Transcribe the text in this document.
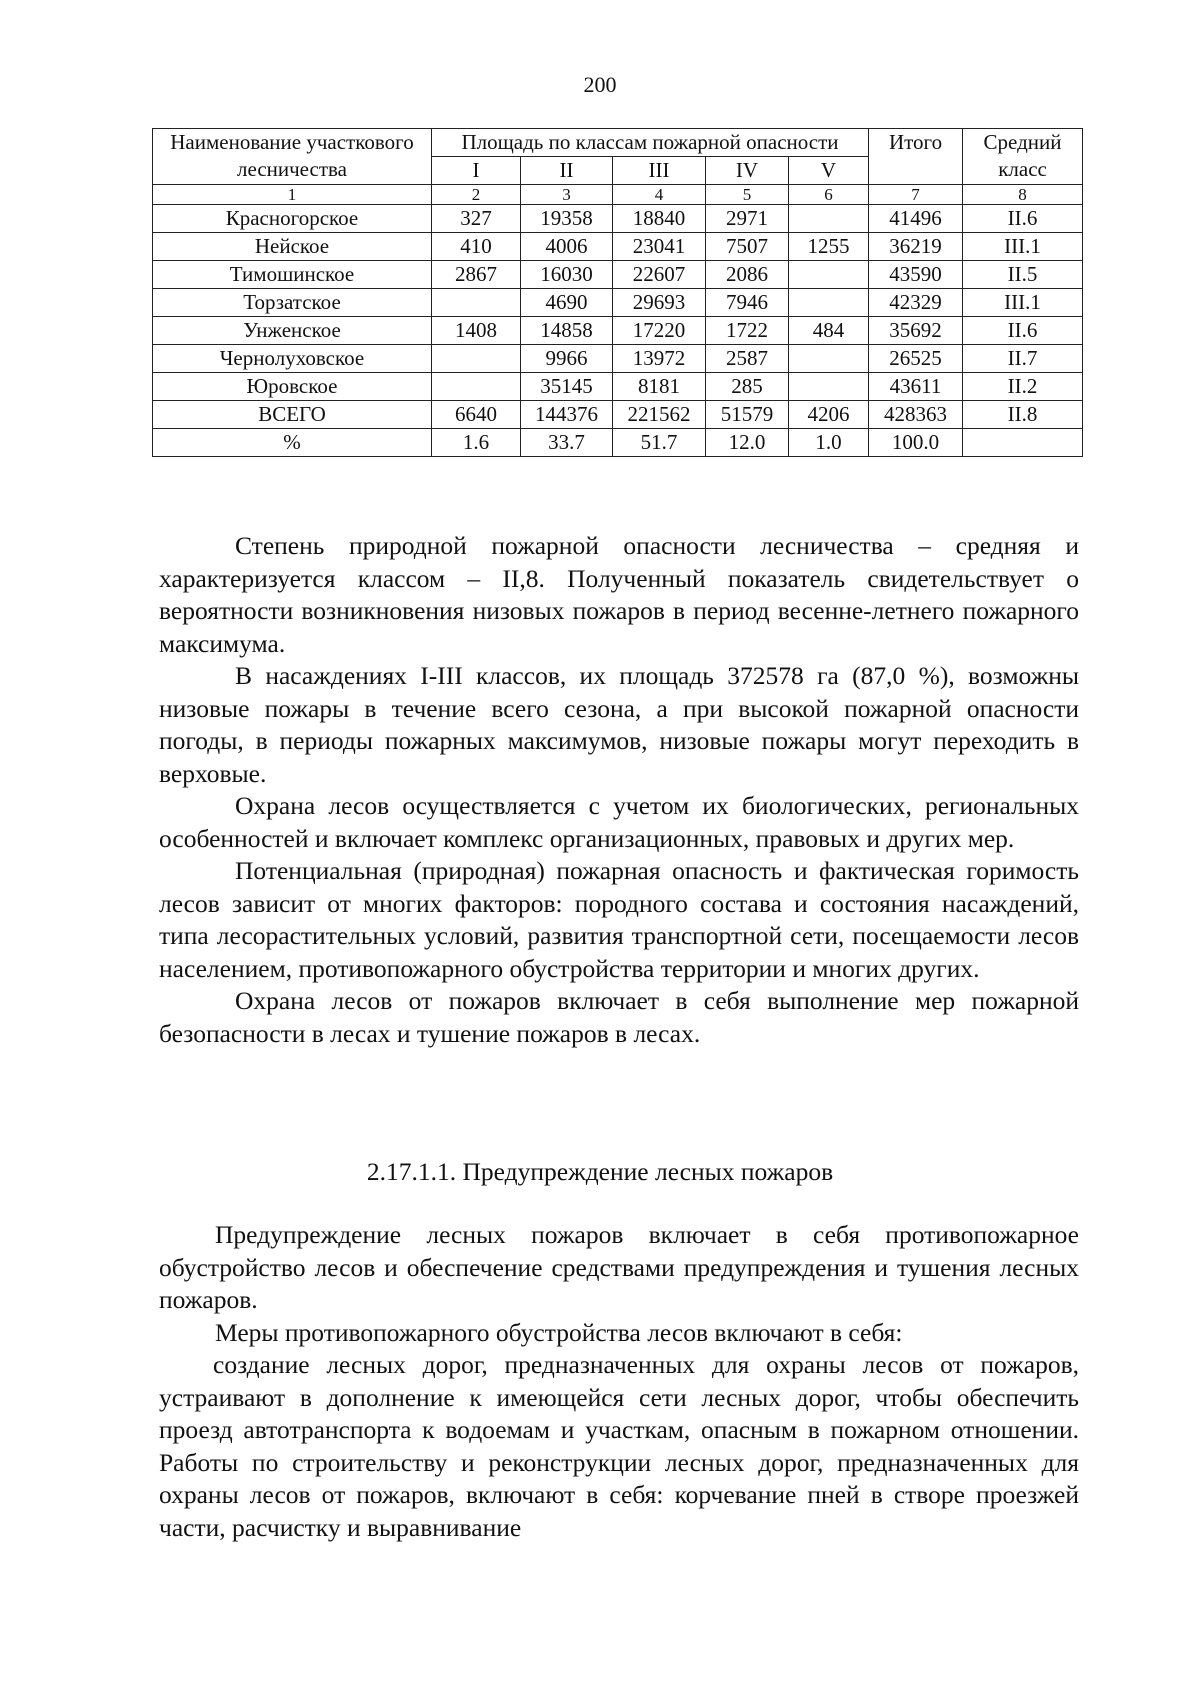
200
Наименование участкового лесничества	Площадь по классам пожарной опасности					Итого	Средний класс
	I	II	III	IV	V		
1	2	3	4	5	6	7	8
Красногорское	327	19358	18840	2971		41496	II.6
Нейское	410	4006	23041	7507	1255	36219	III.1
Тимошинское	2867	16030	22607	2086		43590	II.5
Торзатское		4690	29693	7946		42329	III.1
Унженское	1408	14858	17220	1722	484	35692	II.6
Чернолуховское		9966	13972	2587		26525	II.7
Юровское		35145	8181	285		43611	II.2
ВСЕГО	6640	144376	221562	51579	4206	428363	II.8
%	1.6	33.7	51.7	12.0	1.0	100.0	

Степень природной пожарной опасности лесничества – средняя и характеризуется классом – II,8. Полученный показатель свидетельствует о вероятности возникновения низовых пожаров в период весенне-летнего пожарного максимума.

В насаждениях I-III классов, их площадь 372578 га (87,0 %), возможны низовые пожары в течение всего сезона, а при высокой пожарной опасности погоды, в периоды пожарных максимумов, низовые пожары могут переходить в верховые.

Охрана лесов осуществляется с учетом их биологических, региональных особенностей и включает комплекс организационных, правовых и других мер.

Потенциальная (природная) пожарная опасность и фактическая горимость лесов зависит от многих факторов: породного состава и состояния насаждений, типа лесорастительных условий, развития транспортной сети, посещаемости лесов населением, противопожарного обустройства территории и многих других.

Охрана лесов от пожаров включает в себя выполнение мер пожарной безопасности в лесах и тушение пожаров в лесах.

2.17.1.1. Предупреждение лесных пожаров

Предупреждение лесных пожаров включает в себя противопожарное обустройство лесов и обеспечение средствами предупреждения и тушения лесных пожаров.

Меры противопожарного обустройства лесов включают в себя:

создание лесных дорог, предназначенных для охраны лесов от пожаров, устраивают в дополнение к имеющейся сети лесных дорог, чтобы обеспечить проезд автотранспорта к водоемам и участкам, опасным в пожарном отношении. Работы по строительству и реконструкции лесных дорог, предназначенных для охраны лесов от пожаров, включают в себя: корчевание пней в створе проезжей части, расчистку и выравнивание
